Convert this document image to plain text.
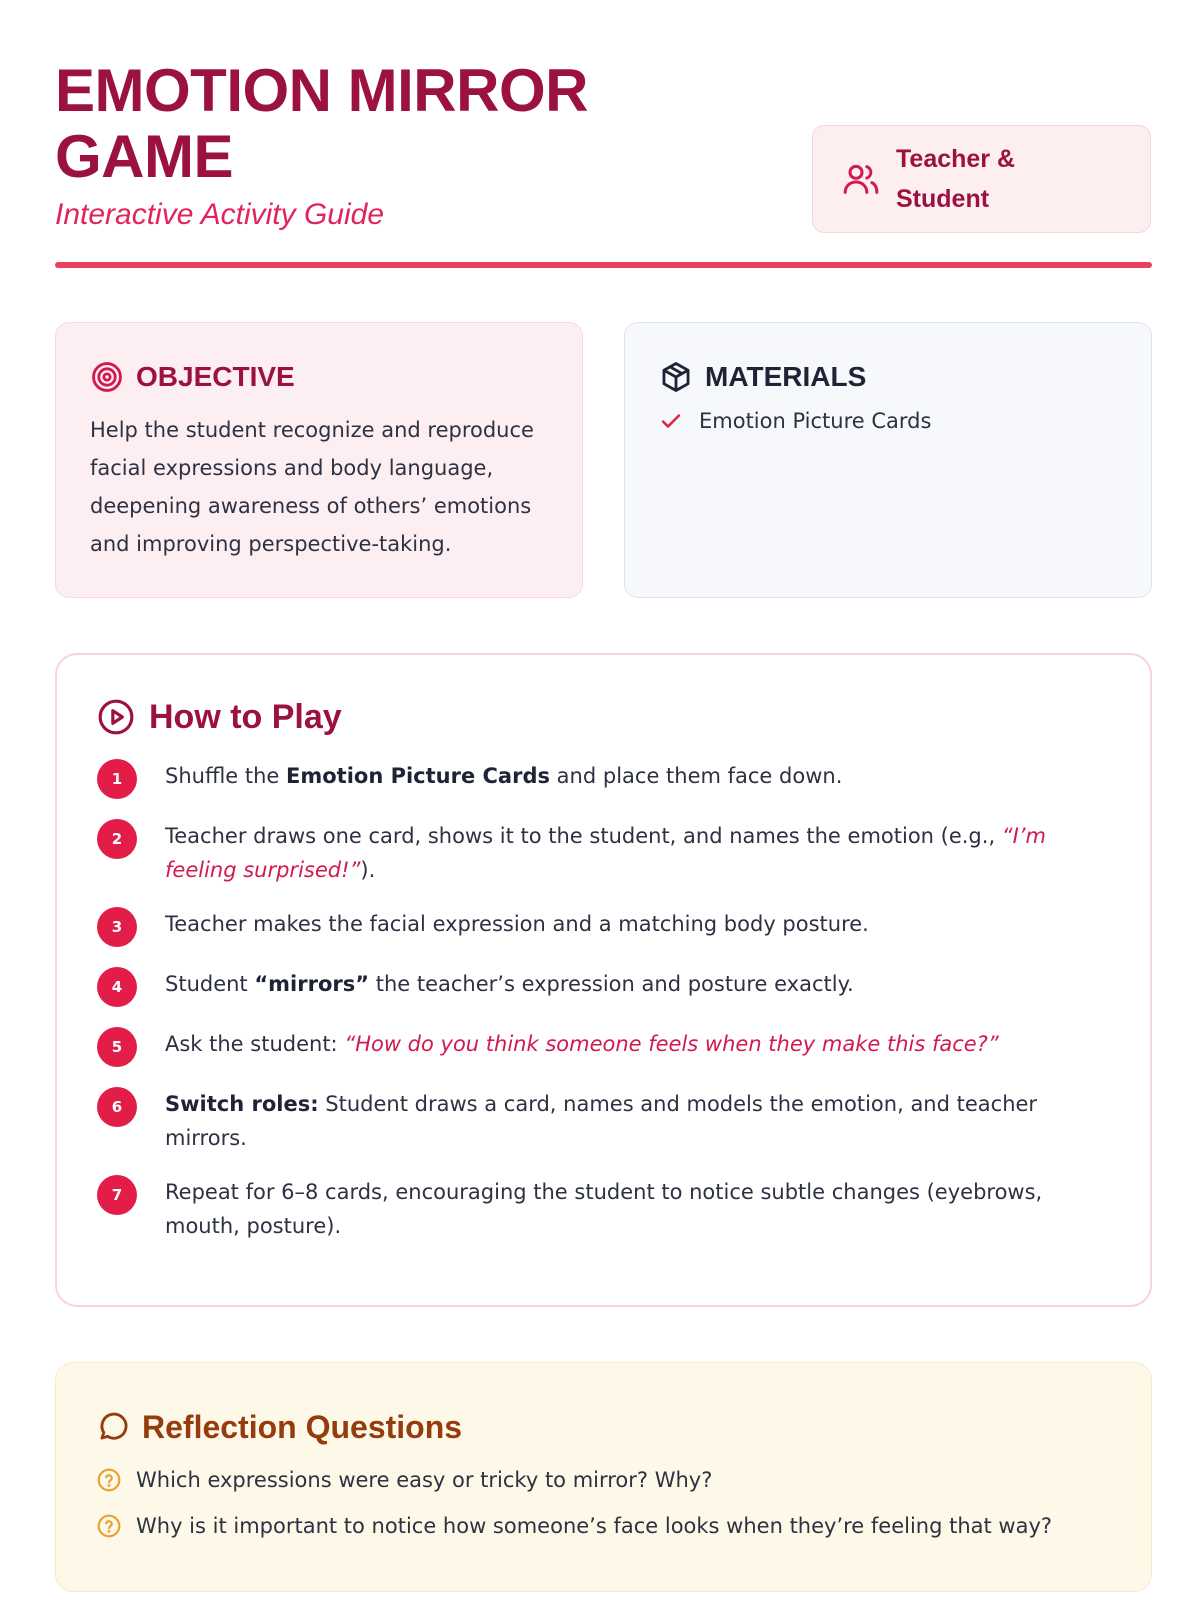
EMOTION MIRROR GAME
Interactive Activity Guide
Teacher & Student
OBJECTIVE

Help the student recognize and reproduce facial expressions and body language, deepening awareness of others’ emotions and improving perspective-taking.

MATERIALS
Emotion Picture Cards
How to Play
1	Shuffle the Emotion Picture Cards and place them face down.
2	Teacher draws one card, shows it to the student, and names the emotion (e.g., “I’m feeling surprised!”).
3	Teacher makes the facial expression and a matching body posture.
4	Student “mirrors” the teacher’s expression and posture exactly.
5	Ask the student: “How do you think someone feels when they make this face?”
6	Switch roles: Student draws a card, names and models the emotion, and teacher mirrors.
7	Repeat for 6–8 cards, encouraging the student to notice subtle changes (eyebrows, mouth, posture).
Reflection Questions
Which expressions were easy or tricky to mirror? Why?
Why is it important to notice how someone’s face looks when they’re feeling that way?
